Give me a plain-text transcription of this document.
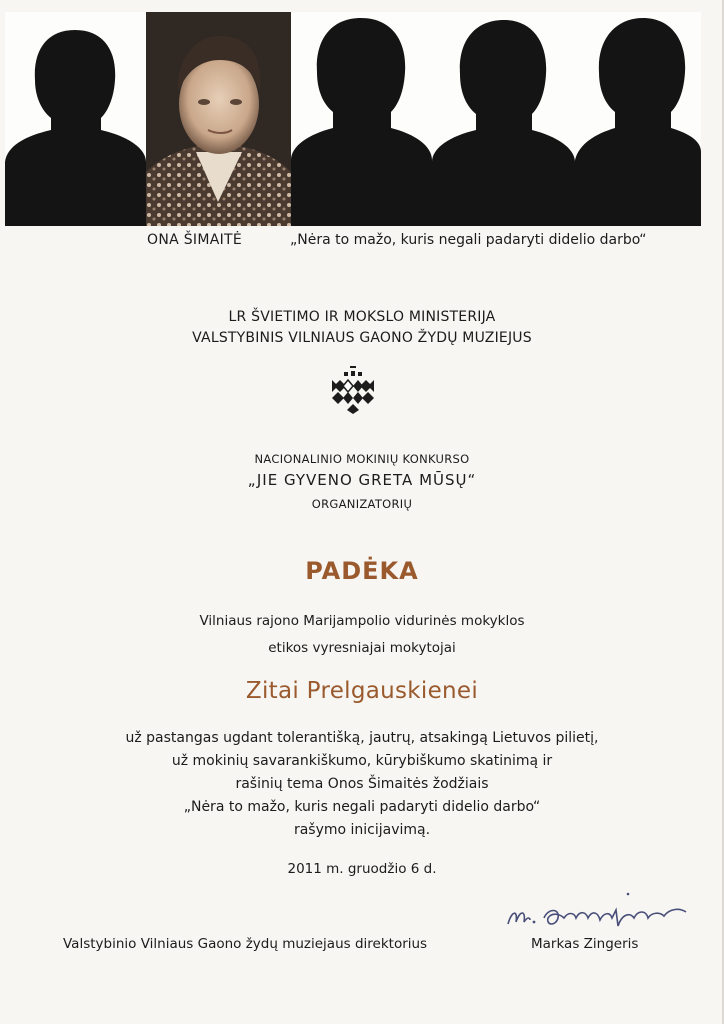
ONA ŠIMAITĖ	„Nėra to mažo, kuris negali padaryti didelio darbo“
LR ŠVIETIMO IR MOKSLO MINISTERIJA
VALSTYBINIS VILNIAUS GAONO ŽYDŲ MUZIEJUS
NACIONALINIO MOKINIŲ KONKURSO
„JIE GYVENO GRETA MŪSŲ“
ORGANIZATORIŲ
PADĖKA
Vilniaus rajono Marijampolio vidurinės mokyklos
etikos vyresniajai mokytojai
Zitai Prelgauskienei
už pastangas ugdant tolerantišką, jautrų, atsakingą Lietuvos pilietį,
už mokinių savarankiškumo, kūrybiškumo skatinimą ir
rašinių tema Onos Šimaitės žodžiais
„Nėra to mažo, kuris negali padaryti didelio darbo“
rašymo inicijavimą.
2011 m. gruodžio 6 d.
Valstybinio Vilniaus Gaono žydų muziejaus direktorius	Markas Zingeris
